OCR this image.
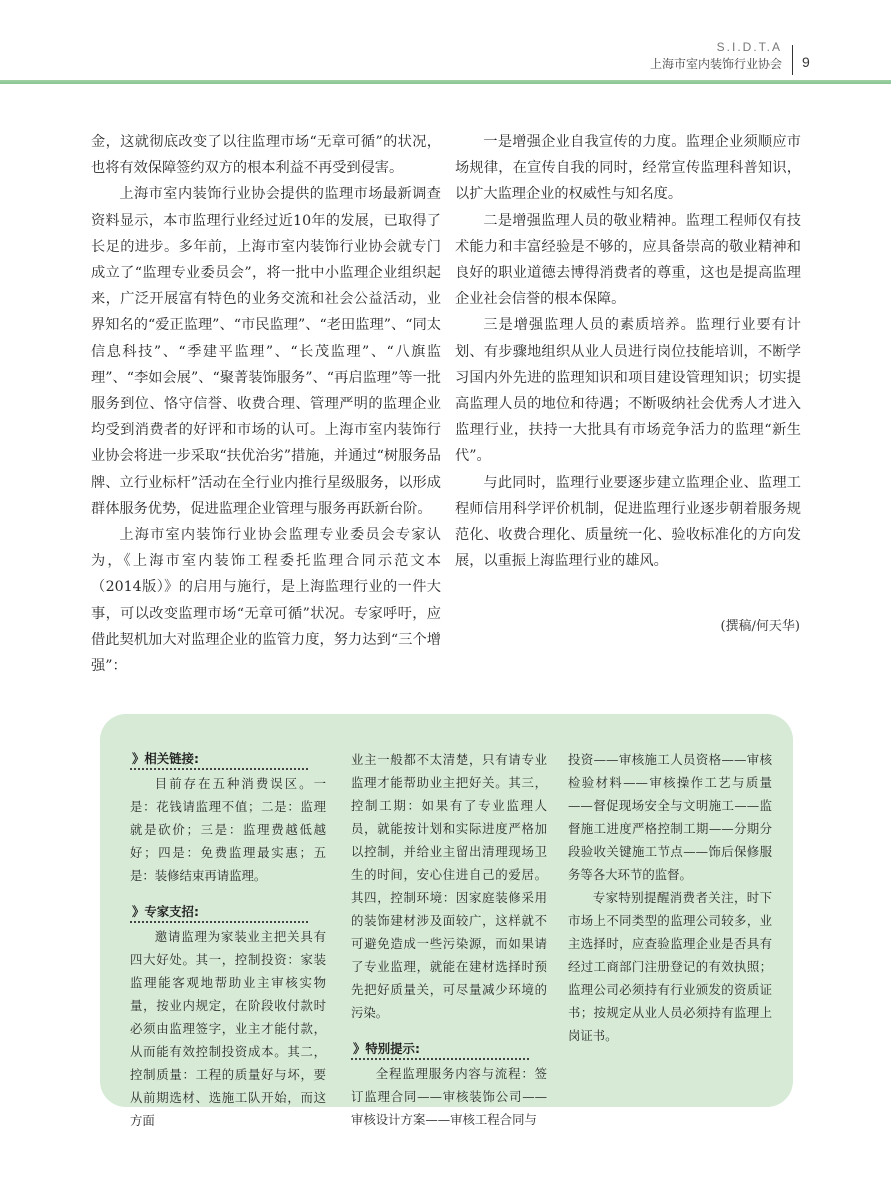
S.I.D.T.A
上海市室内装饰行业协会 9

金，这就彻底改变了以往监理市场“无章可循”的状况，也将有效保障签约双方的根本利益不再受到侵害。

上海市室内装饰行业协会提供的监理市场最新调查资料显示，本市监理行业经过近10年的发展，已取得了长足的进步。多年前，上海市室内装饰行业协会就专门成立了“监理专业委员会”，将一批中小监理企业组织起来，广泛开展富有特色的业务交流和社会公益活动，业界知名的“爱正监理”、“市民监理”、“老田监理”、“同太信息科技”、“季建平监理”、“长茂监理”、“八旗监理”、“李如会展”、“聚菁装饰服务”、“再启监理”等一批服务到位、恪守信誉、收费合理、管理严明的监理企业均受到消费者的好评和市场的认可。上海市室内装饰行业协会将进一步采取“扶优治劣”措施，并通过“树服务品牌、立行业标杆”活动在全行业内推行星级服务，以形成群体服务优势，促进监理企业管理与服务再跃新台阶。

上海市室内装饰行业协会监理专业委员会专家认为，《上海市室内装饰工程委托监理合同示范文本（2014版）》的启用与施行，是上海监理行业的一件大事，可以改变监理市场“无章可循”状况。专家呼吁，应借此契机加大对监理企业的监管力度，努力达到“三个增强”：

一是增强企业自我宣传的力度。监理企业须顺应市场规律，在宣传自我的同时，经常宣传监理科普知识，以扩大监理企业的权威性与知名度。

二是增强监理人员的敬业精神。监理工程师仅有技术能力和丰富经验是不够的，应具备崇高的敬业精神和良好的职业道德去博得消费者的尊重，这也是提高监理企业社会信誉的根本保障。

三是增强监理人员的素质培养。监理行业要有计划、有步骤地组织从业人员进行岗位技能培训，不断学习国内外先进的监理知识和项目建设管理知识；切实提高监理人员的地位和待遇；不断吸纳社会优秀人才进入监理行业，扶持一大批具有市场竞争活力的监理“新生代”。

与此同时，监理行业要逐步建立监理企业、监理工程师信用科学评价机制，促进监理行业逐步朝着服务规范化、收费合理化、质量统一化、验收标准化的方向发展，以重振上海监理行业的雄风。

(撰稿/何天华)
》相关链接:

目前存在五种消费误区。一是：花钱请监理不值；二是：监理就是砍价；三是：监理费越低越好；四是：免费监理最实惠；五是：装修结束再请监理。

》专家支招:

邀请监理为家装业主把关具有四大好处。其一，控制投资：家装监理能客观地帮助业主审核实物量，按业内规定，在阶段收付款时必须由监理签字，业主才能付款，从而能有效控制投资成本。其二，控制质量：工程的质量好与坏，要从前期选材、选施工队开始，而这方面

业主一般都不太清楚，只有请专业监理才能帮助业主把好关。其三，控制工期：如果有了专业监理人员，就能按计划和实际进度严格加以控制，并给业主留出清理现场卫生的时间，安心住进自己的爱居。其四，控制环境：因家庭装修采用的装饰建材涉及面较广，这样就不可避免造成一些污染源，而如果请了专业监理，就能在建材选择时预先把好质量关，可尽量减少环境的污染。

》特别提示:

全程监理服务内容与流程：签订监理合同——审核装饰公司——审核设计方案——审核工程合同与

投资——审核施工人员资格——审核检验材料——审核操作工艺与质量——督促现场安全与文明施工——监督施工进度严格控制工期——分期分段验收关键施工节点——饰后保修服务等各大环节的监督。

专家特别提醒消费者关注，时下市场上不同类型的监理公司较多，业主选择时，应查验监理企业是否具有经过工商部门注册登记的有效执照；监理公司必须持有行业颁发的资质证书；按规定从业人员必须持有监理上岗证书。
